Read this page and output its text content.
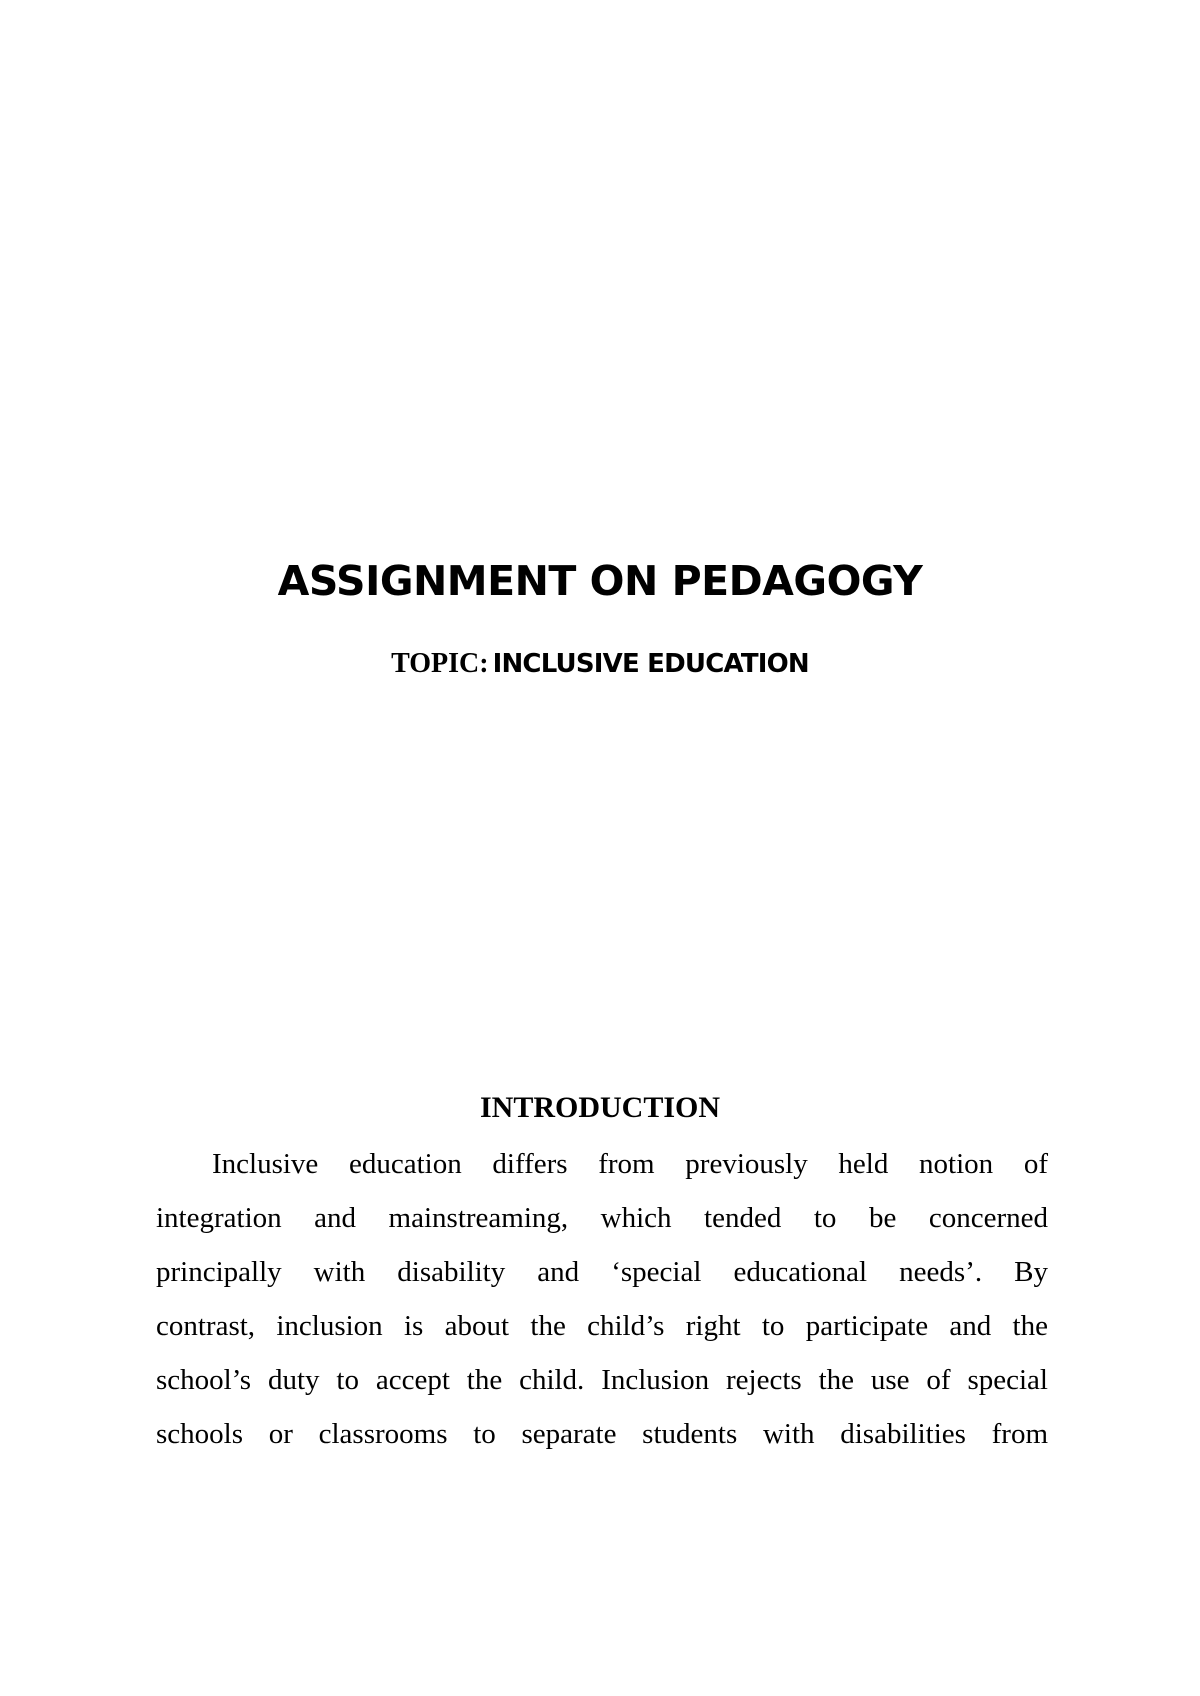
ASSIGNMENT ON PEDAGOGY

TOPIC: INCLUSIVE EDUCATION

INTRODUCTION
Inclusive education differs from previously held notion of
integration and mainstreaming, which tended to be concerned
principally with disability and ‘special educational needs’. By
contrast, inclusion is about the child’s right to participate and the
school’s duty to accept the child. Inclusion rejects the use of special
schools or classrooms to separate students with disabilities from
